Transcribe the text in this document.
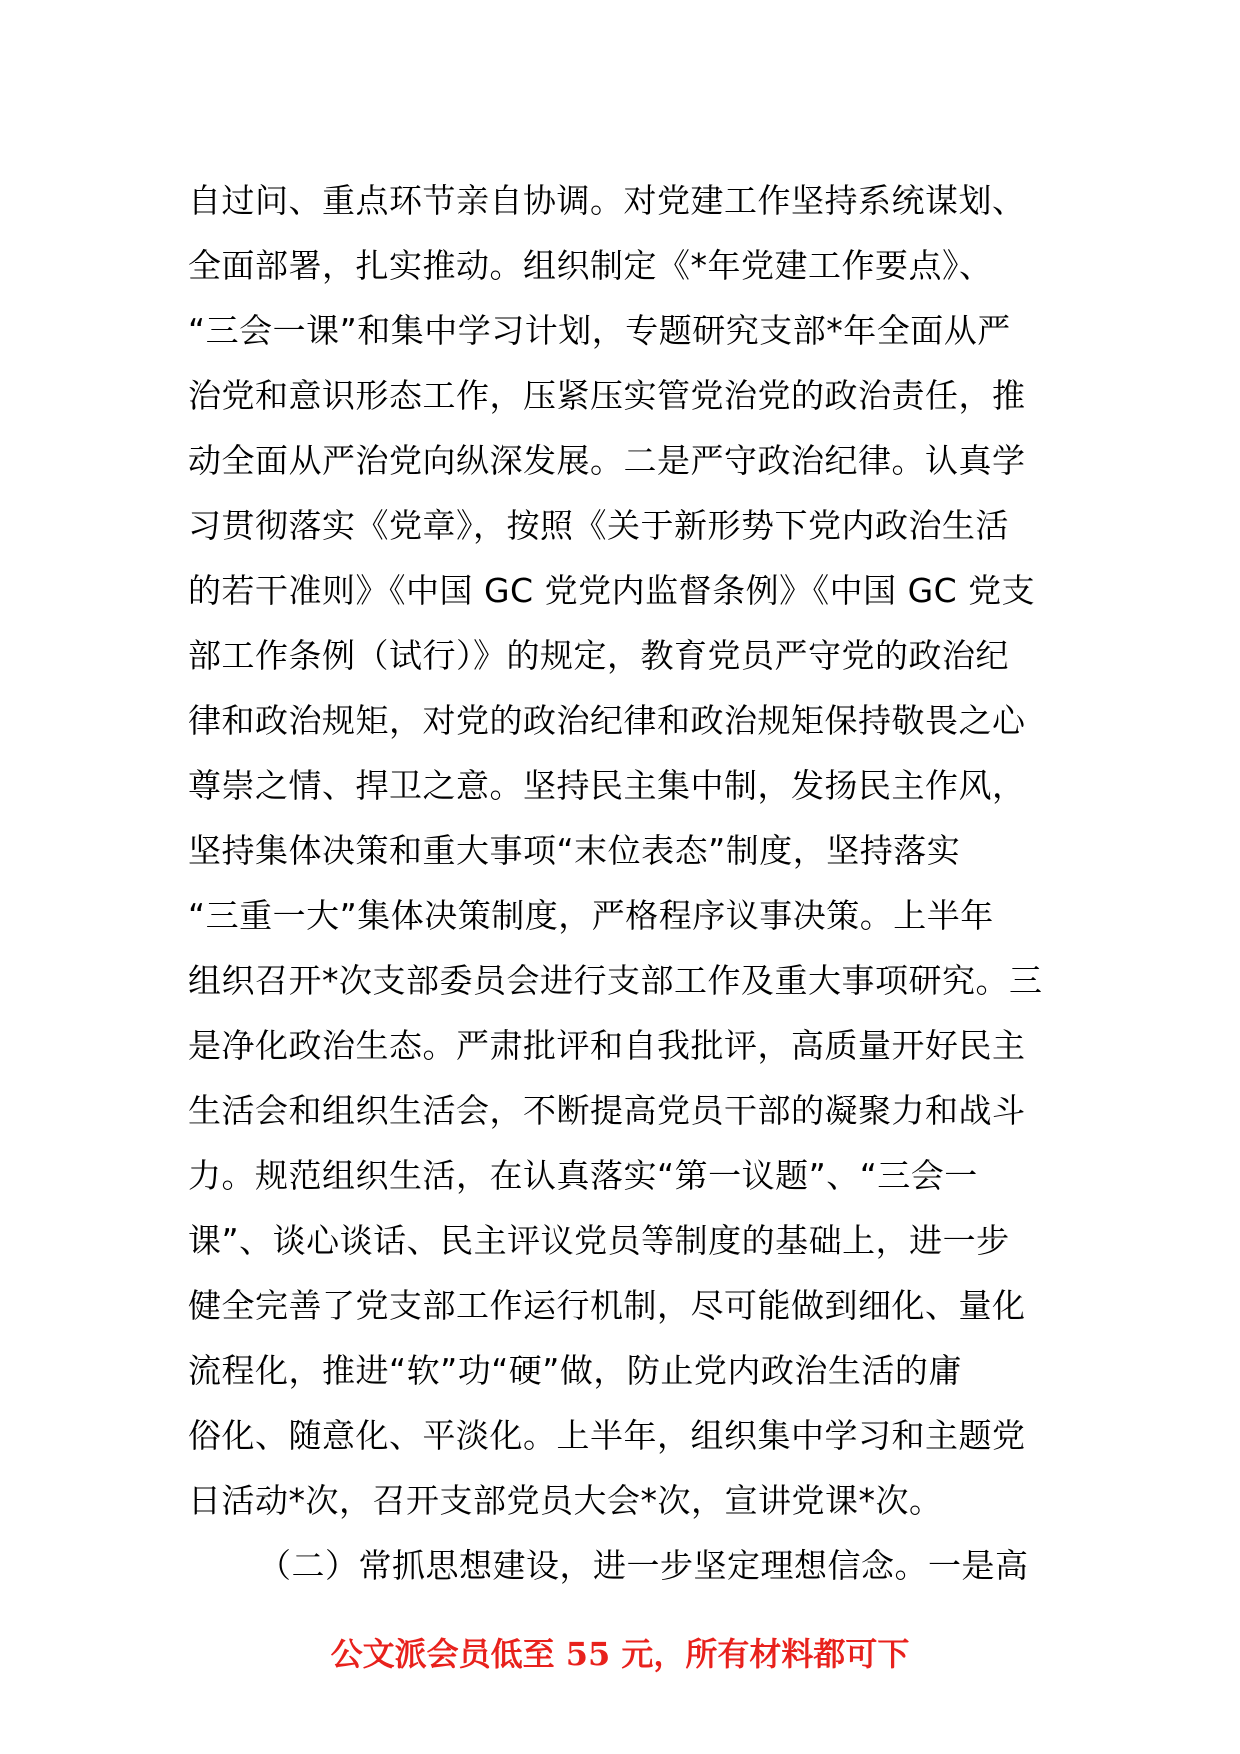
自过问、重点环节亲自协调。对党建工作坚持系统谋划、
全面部署，扎实推动。组织制定《*年党建工作要点》、
“三会一课”和集中学习计划，专题研究支部*年全面从严
治党和意识形态工作，压紧压实管党治党的政治责任，推
动全面从严治党向纵深发展。二是严守政治纪律。认真学
习贯彻落实《党章》，按照《关于新形势下党内政治生活
的若干准则》《中国 GC 党党内监督条例》《中国 GC 党支
部工作条例（试行）》的规定，教育党员严守党的政治纪
律和政治规矩，对党的政治纪律和政治规矩保持敬畏之心
尊崇之情、捍卫之意。坚持民主集中制，发扬民主作风，
坚持集体决策和重大事项“末位表态”制度，坚持落实
“三重一大”集体决策制度，严格程序议事决策。上半年
组织召开*次支部委员会进行支部工作及重大事项研究。三
是净化政治生态。严肃批评和自我批评，高质量开好民主
生活会和组织生活会，不断提高党员干部的凝聚力和战斗
力。规范组织生活，在认真落实“第一议题”、“三会一
课”、谈心谈话、民主评议党员等制度的基础上，进一步
健全完善了党支部工作运行机制，尽可能做到细化、量化
流程化，推进“软”功“硬”做，防止党内政治生活的庸
俗化、随意化、平淡化。上半年，组织集中学习和主题党
日活动*次，召开支部党员大会*次，宣讲党课*次。
（二）常抓思想建设，进一步坚定理想信念。一是高
公文派会员低至 55 元，所有材料都可下
